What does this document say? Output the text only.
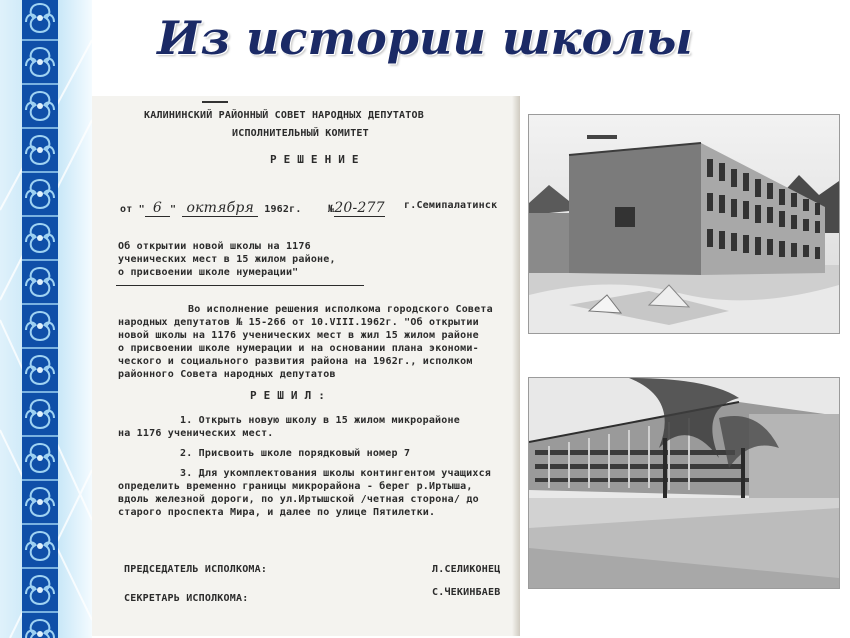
Из истории школы
КАЛИНИНСКИЙ РАЙОННЫЙ СОВЕТ НАРОДНЫХ ДЕПУТАТОВ
ИСПОЛНИТЕЛЬНЫЙ КОМИТЕТ
Р Е Ш Е Н И Е
от " 6 " октября 1962г.	№20-277 г.Семипалатинск
Об открытии новой школы на 1176
ученических мест в 15 жилом районе,
о присвоении школе нумерации"
Во исполнение решения исполкома городского Совета
народных депутатов № 15-266 от 10.VIII.1962г. "Об открытии
новой школы на 1176 ученических мест в жил 15 жилом районе
о присвоении школе нумерации и на основании плана экономи-
ческого и социального развития района на 1962г., исполком
районного Совета народных депутатов
Р Е Ш И Л :
1. Открыть новую школу в 15 жилом микрорайоне
на 1176 ученических мест.
2. Присвоить школе порядковый номер 7
3. Для укомплектования школы контингентом учащихся
определить временно границы микрорайона - берег р.Иртыша,
вдоль железной дороги, по ул.Иртышской /четная сторона/ до
старого проспекта Мира, и далее по улице Пятилетки.
ПРЕДСЕДАТЕЛЬ ИСПОЛКОМА:	Л.СЕЛИКОНЕЦ
СЕКРЕТАРЬ ИСПОЛКОМА:
С.ЧЕКИНБАЕВ
